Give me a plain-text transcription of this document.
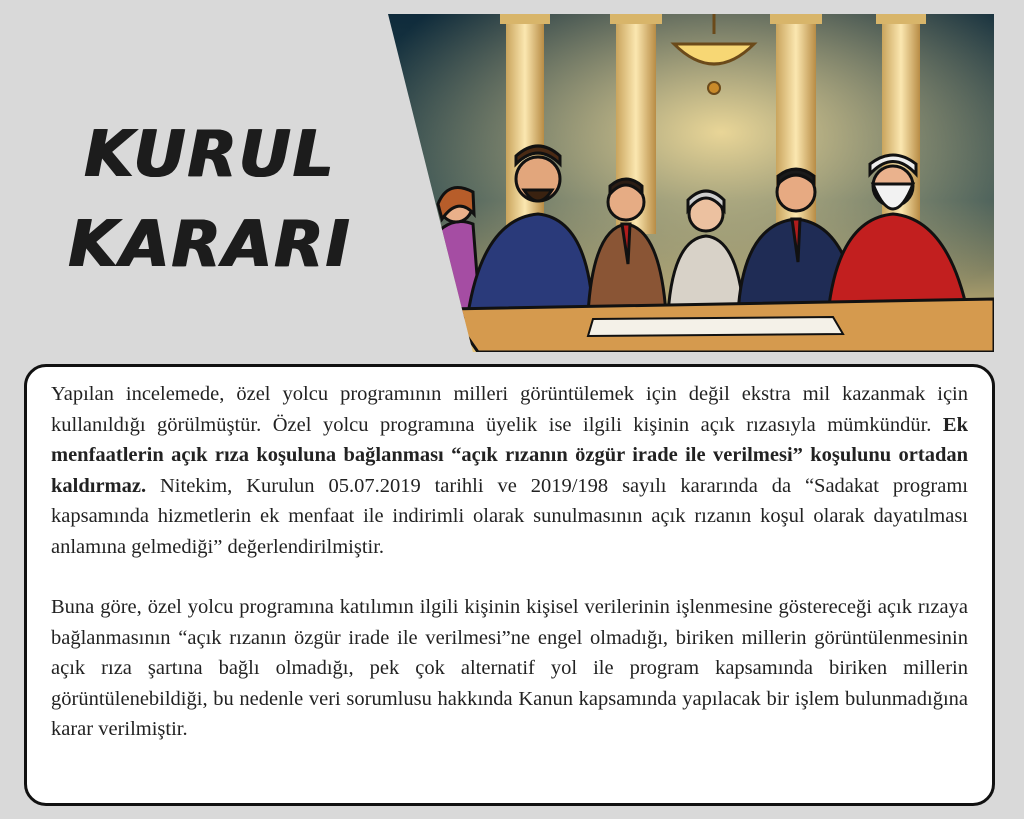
KURUL
KARARI

Yapılan incelemede, özel yolcu programının milleri görüntülemek için değil ekstra mil kazanmak için kullanıldığı görülmüştür. Özel yolcu programına üyelik ise ilgili kişinin açık rızasıyla mümkündür. Ek menfaatlerin açık rıza koşuluna bağlanması “açık rızanın özgür irade ile verilmesi” koşulunu ortadan kaldırmaz. Nitekim, Kurulun 05.07.2019 tarihli ve 2019/198 sayılı kararında da “Sadakat programı kapsamında hizmetlerin ek menfaat ile indirimli olarak sunulmasının açık rızanın koşul olarak dayatılması anlamına gelmediği” değerlendirilmiştir.

Buna göre, özel yolcu programına katılımın ilgili kişinin kişisel verilerinin işlenmesine göstereceği açık rızaya bağlanmasının “açık rızanın özgür irade ile verilmesi”ne engel olmadığı, biriken millerin görüntülenmesinin açık rıza şartına bağlı olmadığı, pek çok alternatif yol ile program kapsamında biriken millerin görüntülenebildiği, bu nedenle veri sorumlusu hakkında Kanun kapsamında yapılacak bir işlem bulunmadığına karar verilmiştir.
